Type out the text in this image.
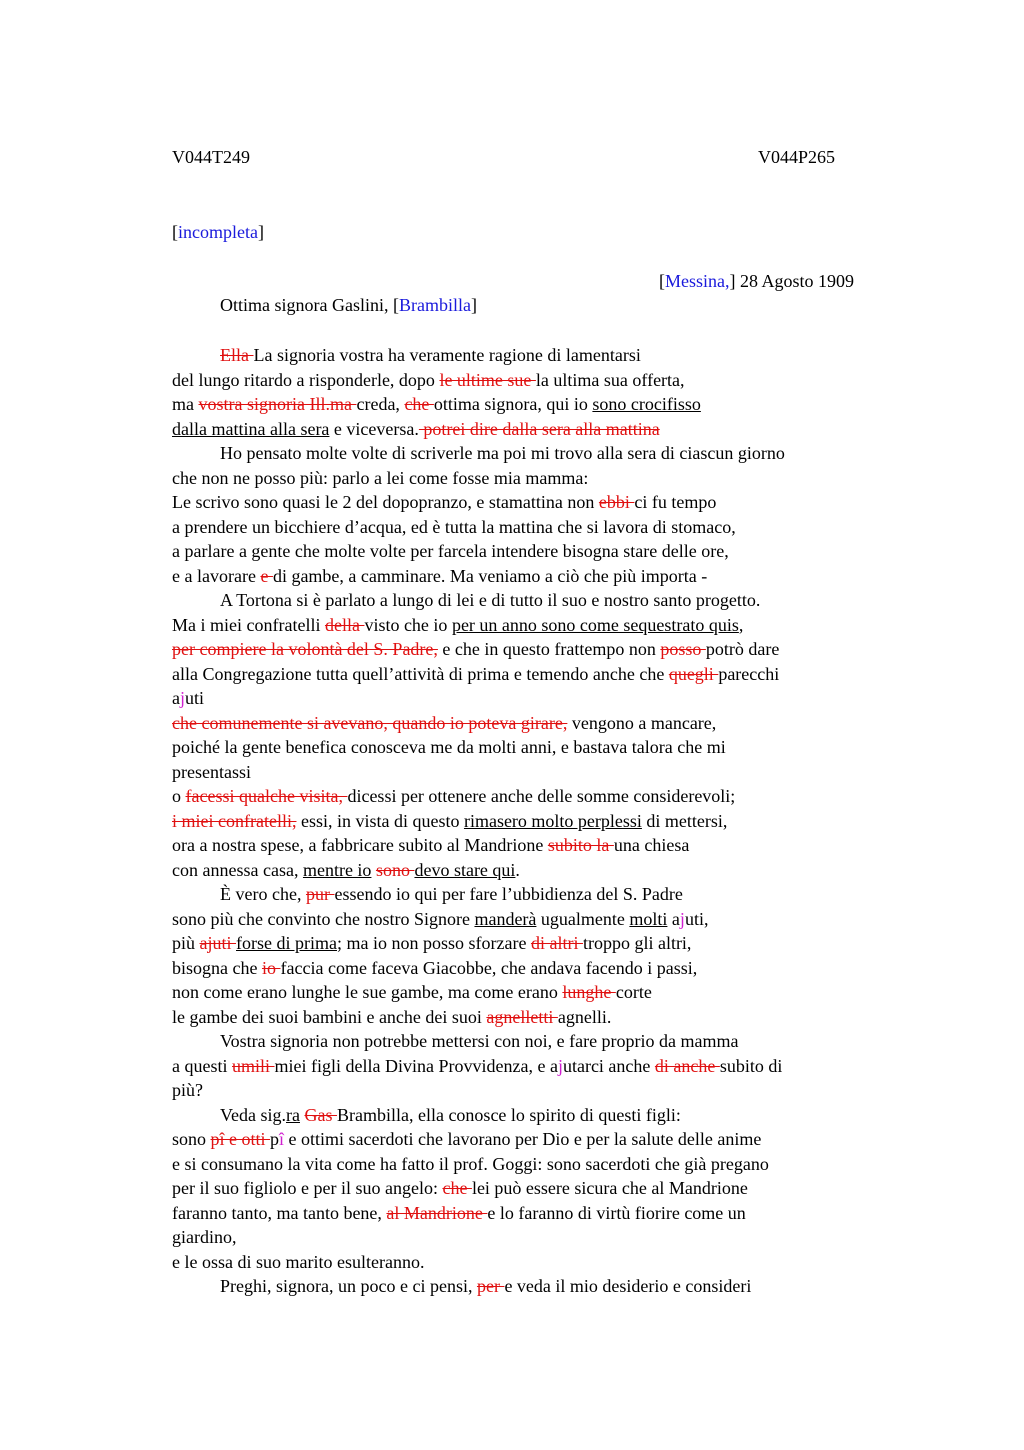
V044T249	V044P265
[incompleta]
[Messina,] 28 Agosto 1909
Ottima signora Gaslini, [Brambilla]
Ella La signoria vostra ha veramente ragione di lamentarsi
del lungo ritardo a risponderle, dopo le ultime sue la ultima sua offerta,
ma vostra signoria Ill.ma creda, che ottima signora, qui io sono crocifisso
dalla mattina alla sera e viceversa. potrei dire dalla sera alla mattina
Ho pensato molte volte di scriverle ma poi mi trovo alla sera di ciascun giorno
che non ne posso più: parlo a lei come fosse mia mamma:
Le scrivo sono quasi le 2 del dopopranzo, e stamattina non ebbi ci fu tempo
a prendere un bicchiere d’acqua, ed è tutta la mattina che si lavora di stomaco,
a parlare a gente che molte volte per farcela intendere bisogna stare delle ore,
e a lavorare e di gambe, a camminare. Ma veniamo a ciò che più importa -
A Tortona si è parlato a lungo di lei e di tutto il suo e nostro santo progetto.
Ma i miei confratelli della visto che io per un anno sono come sequestrato quis,
per compiere la volontà del S. Padre, e che in questo frattempo non posso potrò dare
alla Congregazione tutta quell’attività di prima e temendo anche che quegli parecchi
ajuti
che comunemente si avevano, quando io poteva girare, vengono a mancare,
poiché la gente benefica conosceva me da molti anni, e bastava talora che mi
presentassi
o facessi qualche visita, dicessi per ottenere anche delle somme considerevoli;
i miei confratelli, essi, in vista di questo rimasero molto perplessi di mettersi,
ora a nostra spese, a fabbricare subito al Mandrione subito la una chiesa
con annessa casa, mentre io sono devo stare qui.
È vero che, pur essendo io qui per fare l’ubbidienza del S. Padre
sono più che convinto che nostro Signore manderà ugualmente molti ajuti,
più ajuti forse di prima; ma io non posso sforzare di altri troppo gli altri,
bisogna che io faccia come faceva Giacobbe, che andava facendo i passi,
non come erano lunghe le sue gambe, ma come erano lunghe corte
le gambe dei suoi bambini e anche dei suoi agnelletti agnelli.
Vostra signoria non potrebbe mettersi con noi, e fare proprio da mamma
a questi umili miei figli della Divina Provvidenza, e ajutarci anche di anche subito di
più?
Veda sig.ra Gas Brambilla, ella conosce lo spirito di questi figli:
sono pî e otti pî e ottimi sacerdoti che lavorano per Dio e per la salute delle anime
e si consumano la vita come ha fatto il prof. Goggi: sono sacerdoti che già pregano
per il suo figliolo e per il suo angelo: che lei può essere sicura che al Mandrione
faranno tanto, ma tanto bene, al Mandrione e lo faranno di virtù fiorire come un
giardino,
e le ossa di suo marito esulteranno.
Preghi, signora, un poco e ci pensi, per e veda il mio desiderio e consideri
